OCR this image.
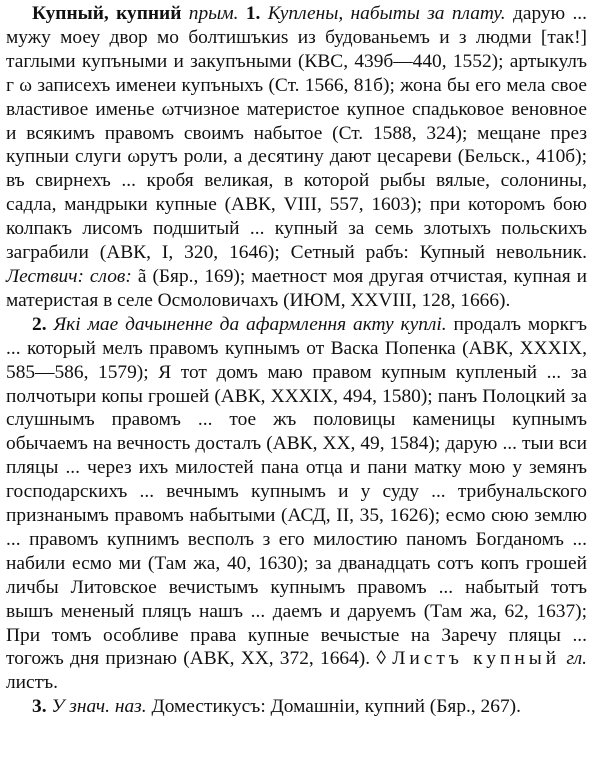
Купный, купний прым. 1. Куплены, набыты за плату. дарую ... мужу моеу двор мо болтишъкиs из будованьемъ и з людми [так!] таглыми купъными и закупъными (КВС, 439б—440, 1552); артыкулъ г ω записехъ именеи купъныхъ (Ст. 1566, 81б); жона бы его мела свое властивое именье ωтчизное материстое купное спадьковое веновное и всякимъ правомъ своимъ набытое (Ст. 1588, 324); мещане през купныи слуги ωрутъ роли, а десятину дают цесареви (Бельск., 410б); въ свирнехъ ... кробя великая, в которой рыбы вялые, солонины, садла, мандрыки купные (АВК, VIII, 557, 1603); при которомъ бою колпакъ лисомъ подшитый ... купный за семь злотыхъ польскихъ заграбили (АВК, I, 320, 1646); Сетный рабъ: Купный невольник. Лествич: слов: ã (Бяр., 169); маетност моя другая отчистая, купная и материстая в селе Осмоловичахъ (ИЮМ, XXVIII, 128, 1666).

2. Які мае дачыненне да афармлення акту куплі. продалъ моркгъ ... который мелъ правомъ купнымъ от Васка Попенка (АВК, XXXIX, 585—586, 1579); Я тот домъ маю правом купным купленый ... за полчотыри копы грошей (АВК, XXXIX, 494, 1580); панъ Полоцкий за слушнымъ правомъ ... тое жъ половицы каменицы купнымъ обычаемъ на вечность досталъ (АВК, XX, 49, 1584); дарую ... тыи вси пляцы ... через ихъ милостей пана отца и пани матку мою у земянъ господарскихъ ... вечнымъ купнымъ и у суду ... трибунальского признанымъ правомъ набытыми (АСД, II, 35, 1626); есмо сюю землю ... правомъ купнимъ весполъ з его милостию паномъ Богданомъ ... набили есмо ми (Там жа, 40, 1630); за дванадцать сотъ копъ грошей личбы Литовское вечистымъ купнымъ правомъ ... набытый тотъ вышъ мененый пляцъ нашъ ... даемъ и даруемъ (Там жа, 62, 1637); При томъ особливе права купные вечыстые на Заречу пляцы ... тогожъ дня признаю (АВК, XX, 372, 1664). ◊ Листъ купный гл. листъ.

3. У знач. наз. Доместикусъ: Домашнiи, купний (Бяр., 267).
